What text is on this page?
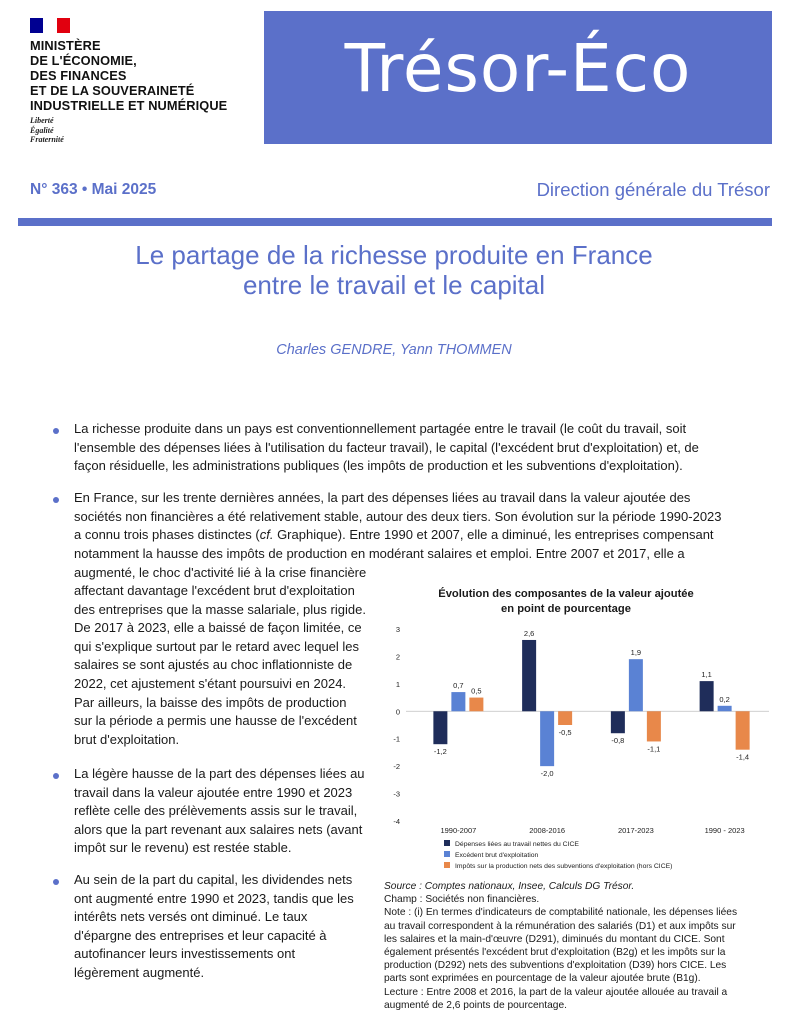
MINISTÈRE
DE L'ÉCONOMIE,
DES FINANCES
ET DE LA SOUVERAINETÉ
INDUSTRIELLE ET NUMÉRIQUE
Liberté
Égalité
Fraternité
Trésor-Éco
N° 363 • Mai 2025	Direction générale du Trésor
Le partage de la richesse produite en France
entre le travail et le capital
Charles GENDRE, Yann THOMMEN
La richesse produite dans un pays est conventionnellement partagée entre le travail (le coût du travail, soit
l'ensemble des dépenses liées à l'utilisation du facteur travail), le capital (l'excédent brut d'exploitation) et, de
façon résiduelle, les administrations publiques (les impôts de production et les subventions d'exploitation).
En France, sur les trente dernières années, la part des dépenses liées au travail dans la valeur ajoutée des
sociétés non financières a été relativement stable, autour des deux tiers. Son évolution sur la période 1990-2023
a connu trois phases distinctes (cf. Graphique). Entre 1990 et 2007, elle a diminué, les entreprises compensant
notamment la hausse des impôts de production en modérant salaires et emploi. Entre 2007 et 2017, elle a
augmenté, le choc d'activité lié à la crise financière
affectant davantage l'excédent brut d'exploitation
des entreprises que la masse salariale, plus rigide.
De 2017 à 2023, elle a baissé de façon limitée, ce
qui s'explique surtout par le retard avec lequel les
salaires se sont ajustés au choc inflationniste de
2022, cet ajustement s'étant poursuivi en 2024.
Par ailleurs, la baisse des impôts de production
sur la période a permis une hausse de l'excédent
brut d'exploitation.
La légère hausse de la part des dépenses liées au
travail dans la valeur ajoutée entre 1990 et 2023
reflète celle des prélèvements assis sur le travail,
alors que la part revenant aux salaires nets (avant
impôt sur le revenu) est restée stable.
Au sein de la part du capital, les dividendes nets
ont augmenté entre 1990 et 2023, tandis que les
intérêts nets versés ont diminué. Le taux
d'épargne des entreprises et leur capacité à
autofinancer leurs investissements ont
légèrement augmenté.
Évolution des composantes de la valeur ajoutée
en point de pourcentage
3
2
1
0
-1
-2
-3
-4
-1,2
0,7
0,5
1990-2007
2,6
-2,0
-0,5
2008-2016
-0,8
1,9
-1,1
2017-2023
1,1
0,2
-1,4
1990 - 2023
Dépenses liées au travail nettes du CICE
Excédent brut d'exploitation
Impôts sur la production nets des subventions d'exploitation (hors CICE)
Source : Comptes nationaux, Insee, Calculs DG Trésor.
Champ : Sociétés non financières.
Note : (i) En termes d'indicateurs de comptabilité nationale, les dépenses liées
au travail correspondent à la rémunération des salariés (D1) et aux impôts sur
les salaires et la main-d'œuvre (D291), diminués du montant du CICE. Sont
également présentés l'excédent brut d'exploitation (B2g) et les impôts sur la
production (D292) nets des subventions d'exploitation (D39) hors CICE. Les
parts sont exprimées en pourcentage de la valeur ajoutée brute (B1g).
Lecture : Entre 2008 et 2016, la part de la valeur ajoutée allouée au travail a
augmenté de 2,6 points de pourcentage.
